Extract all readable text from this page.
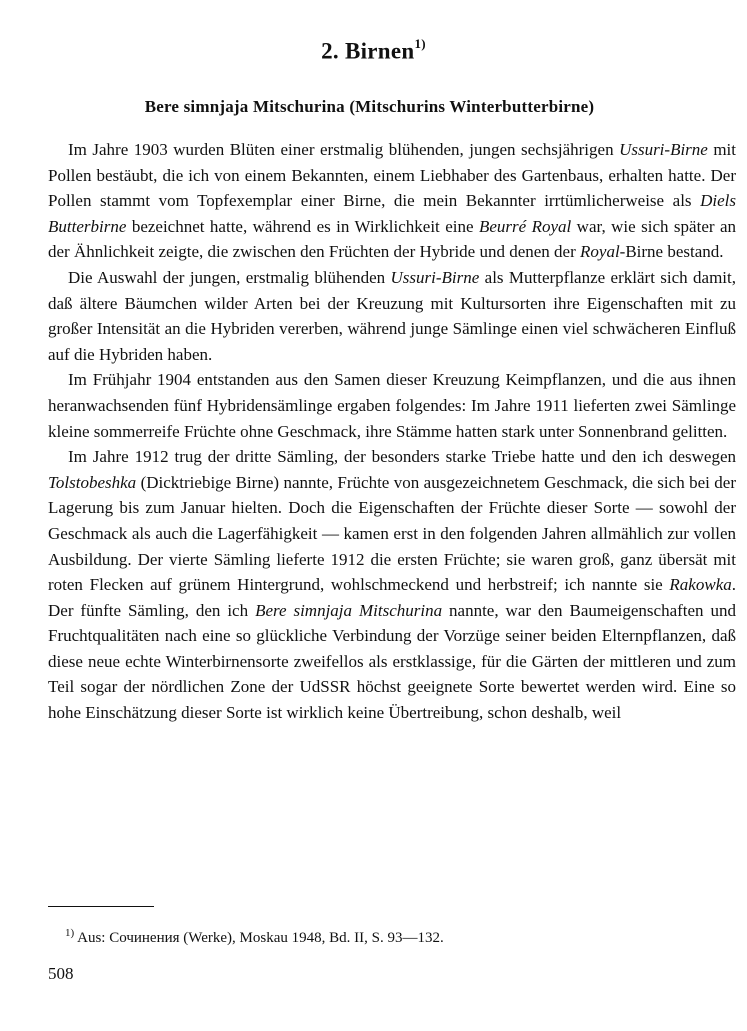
2. Birnen$^{1)}$
Bere simnjaja Mitschurina (Mitschurins Winterbutterbirne)

Im Jahre 1903 wurden Blüten einer erstmalig blühenden, jungen sechsjährigen Ussuri-Birne mit Pollen bestäubt, die ich von einem Bekannten, einem Liebhaber des Gartenbaus, erhalten hatte. Der Pollen stammt vom Topfexemplar einer Birne, die mein Bekannter irrtümlicherweise als Diels Butterbirne bezeichnet hatte, während es in Wirklichkeit eine Beurré Royal war, wie sich später an der Ähnlichkeit zeigte, die zwischen den Früchten der Hybride und denen der Royal-Birne bestand.

Die Auswahl der jungen, erstmalig blühenden Ussuri-Birne als Mutterpflanze erklärt sich damit, daß ältere Bäumchen wilder Arten bei der Kreuzung mit Kultursorten ihre Eigenschaften mit zu großer Intensität an die Hybriden vererben, während junge Sämlinge einen viel schwächeren Einfluß auf die Hybriden haben.

Im Frühjahr 1904 entstanden aus den Samen dieser Kreuzung Keimpflanzen, und die aus ihnen heranwachsenden fünf Hybridensämlinge ergaben folgendes: Im Jahre 1911 lieferten zwei Sämlinge kleine sommerreife Früchte ohne Geschmack, ihre Stämme hatten stark unter Sonnenbrand gelitten.

Im Jahre 1912 trug der dritte Sämling, der besonders starke Triebe hatte und den ich deswegen Tolstobeshka (Dicktriebige Birne) nannte, Früchte von ausgezeichnetem Geschmack, die sich bei der Lagerung bis zum Januar hielten. Doch die Eigenschaften der Früchte dieser Sorte — sowohl der Geschmack als auch die Lagerfähigkeit — kamen erst in den folgenden Jahren allmählich zur vollen Ausbildung. Der vierte Sämling lieferte 1912 die ersten Früchte; sie waren groß, ganz übersät mit roten Flecken auf grünem Hintergrund, wohlschmeckend und herbstreif; ich nannte sie Rakowka. Der fünfte Sämling, den ich Bere simnjaja Mitschurina nannte, war den Baumeigenschaften und Fruchtqualitäten nach eine so glückliche Verbindung der Vorzüge seiner beiden Elternpflanzen, daß diese neue echte Winterbirnensorte zweifellos als erstklassige, für die Gärten der mittleren und zum Teil sogar der nördlichen Zone der UdSSR höchst geeignete Sorte bewertet werden wird. Eine so hohe Einschätzung dieser Sorte ist wirklich keine Übertreibung, schon deshalb, weil

$^{1)}$ Aus: Сочинения (Werke), Moskau 1948, Bd. II, S. 93—132.
508
